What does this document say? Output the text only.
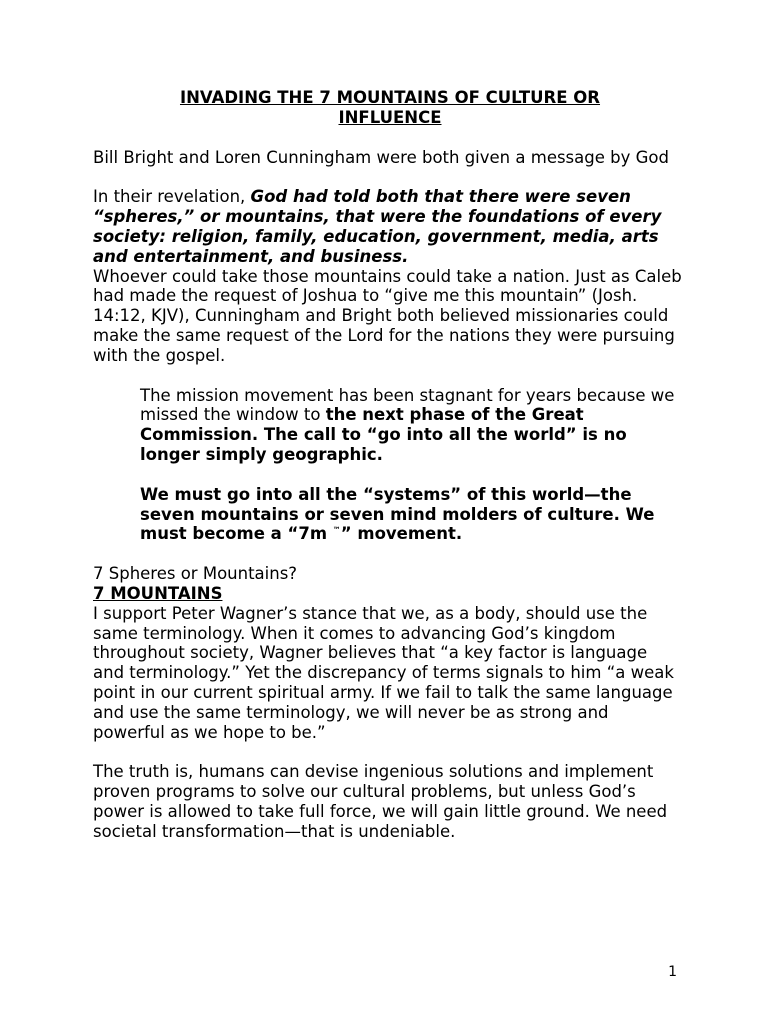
INVADING THE 7 MOUNTAINS OF CULTURE OR
INFLUENCE

Bill Bright and Loren Cunningham were both given a message by God

In their revelation, God had told both that there were seven “spheres,” or mountains, that were the foundations of every society: religion, family, education, government, media, arts and entertainment, and business.

Whoever could take those mountains could take a nation. Just as Caleb had made the request of Joshua to “give me this mountain” (Josh. 14:12, KJV), Cunningham and Bright both believed missionaries could make the same request of the Lord for the nations they were pursuing with the gospel.

The mission movement has been stagnant for years because we missed the window to the next phase of the Great Commission. The call to “go into all the world” is no longer simply geographic.

We must go into all the “systems” of this world—the seven mountains or seven mind molders of culture. We must become a “7m ™” movement.

7 Spheres or Mountains?

7 MOUNTAINS

I support Peter Wagner’s stance that we, as a body, should use the same terminology. When it comes to advancing God’s kingdom throughout society, Wagner believes that “a key factor is language and terminology.” Yet the discrepancy of terms signals to him “a weak point in our current spiritual army. If we fail to talk the same language and use the same terminology, we will never be as strong and powerful as we hope to be.”

The truth is, humans can devise ingenious solutions and implement proven programs to solve our cultural problems, but unless God’s power is allowed to take full force, we will gain little ground. We need societal transformation—that is undeniable.

1
